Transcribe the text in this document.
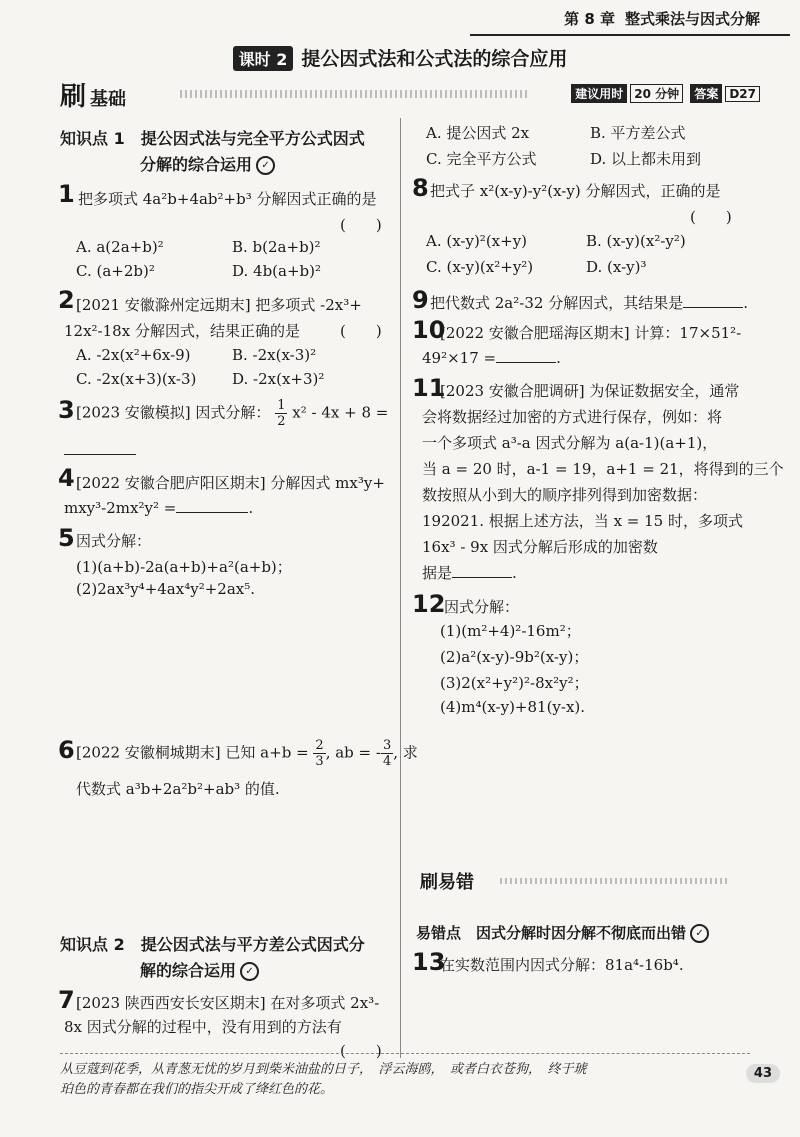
第 8 章 整式乘法与因式分解
课时 2 提公因式法和公式法的综合应用
刷 基础	建议用时 20 分钟 答案 D27
知识点 1　提公因式法与完全平方公式因式
分解的综合运用 ✓
1 把多项式 4a²b+4ab²+b³ 分解因式正确的是
(　　)
A. a(2a+b)²	B. b(2a+b)²
C. (a+2b)²	D. 4b(a+b)²
2 [2021 安徽滁州定远期末] 把多项式 -2x³+
12x²-18x 分解因式，结果正确的是	(　　)
A. -2x(x²+6x-9)	B. -2x(x-3)²
C. -2x(x+3)(x-3) D. -2x(x+3)²
3 [2023 安徽模拟] 因式分解： $\frac{1}{2} x^2 - 4x + 8$ =
4 [2022 安徽合肥庐阳区期末] 分解因式 mx³y+
mxy³-2mx²y² =	.
5 因式分解：
(1)(a+b)-2a(a+b)+a²(a+b)；
(2)2ax³y⁴+4ax⁴y²+2ax⁵.
6 [2022 安徽桐城期末] 已知 $a+b = \frac{2}{3}$ , ab = - $\frac{3}{4}$ , 求
代数式 a³b+2a²b²+ab³ 的值.
知识点 2　提公因式法与平方差公式因式分
解的综合运用 ✓
7 [2023 陕西西安长安区期末] 在对多项式 2x³-
8x 因式分解的过程中，没有用到的方法有
(　　)
A. 提公因式 2x	B. 平方差公式
C. 完全平方公式	D. 以上都未用到
8 把式子 x²(x-y)-y²(x-y) 分解因式，正确的是
(　　)
A. (x-y)²(x+y)	B. (x-y)(x²-y²)
C. (x-y)(x²+y²)	D. (x-y)³
9 把代数式 2a²-32 分解因式，其结果是	.
10
[2022 安徽合肥瑶海区期末] 计算：17×51²-
49²×17 =	.
11
[2023 安徽合肥调研] 为保证数据安全，通常
会将数据经过加密的方式进行保存，例如：将
一个多项式 a³-a 因式分解为 a(a-1)(a+1)，
当 a = 20 时，a-1 = 19，a+1 = 21，将得到的三个
数按照从小到大的顺序排列得到加密数据：
192021. 根据上述方法，当 x = 15 时，多项式
16x³ - 9x 因式分解后形成的加密数
据是	.
12
因式分解：
(1)(m²+4)²-16m²；
(2)a²(x-y)-9b²(x-y)；
(3)2(x²+y²)²-8x²y²；
(4)m⁴(x-y)+81(y-x).
刷易错
易错点　因式分解时因分解不彻底而出错 ✓
13
在实数范围内因式分解：81a⁴-16b⁴.
从豆蔻到花季，从青葱无忧的岁月到柴米油盐的日子，　浮云海鸥，　或者白衣苍狗，　终于琥
珀色的青春都在我们的指尖开成了绛红色的花。
43
